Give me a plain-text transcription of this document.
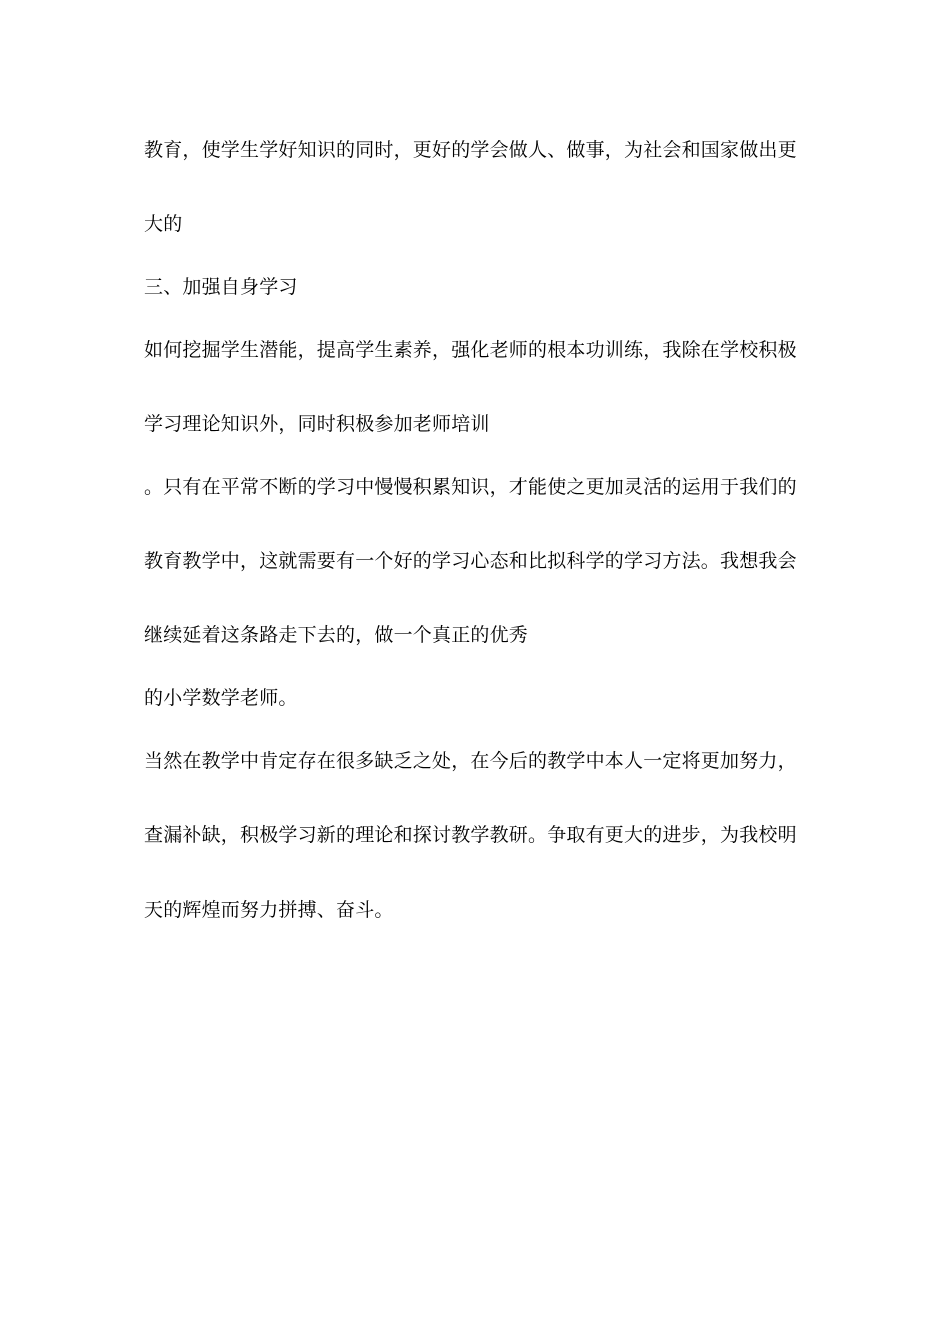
教育，使学生学好知识的同时，更好的学会做人、做事，为社会和国家做出更

大的

三、加强自身学习

如何挖掘学生潜能，提高学生素养，强化老师的根本功训练，我除在学校积极

学习理论知识外，同时积极参加老师培训

。只有在平常不断的学习中慢慢积累知识，才能使之更加灵活的运用于我们的

教育教学中，这就需要有一个好的学习心态和比拟科学的学习方法。我想我会

继续延着这条路走下去的，做一个真正的优秀

的小学数学老师。

当然在教学中肯定存在很多缺乏之处，在今后的教学中本人一定将更加努力，

查漏补缺，积极学习新的理论和探讨教学教研。争取有更大的进步，为我校明

天的辉煌而努力拼搏、奋斗。
